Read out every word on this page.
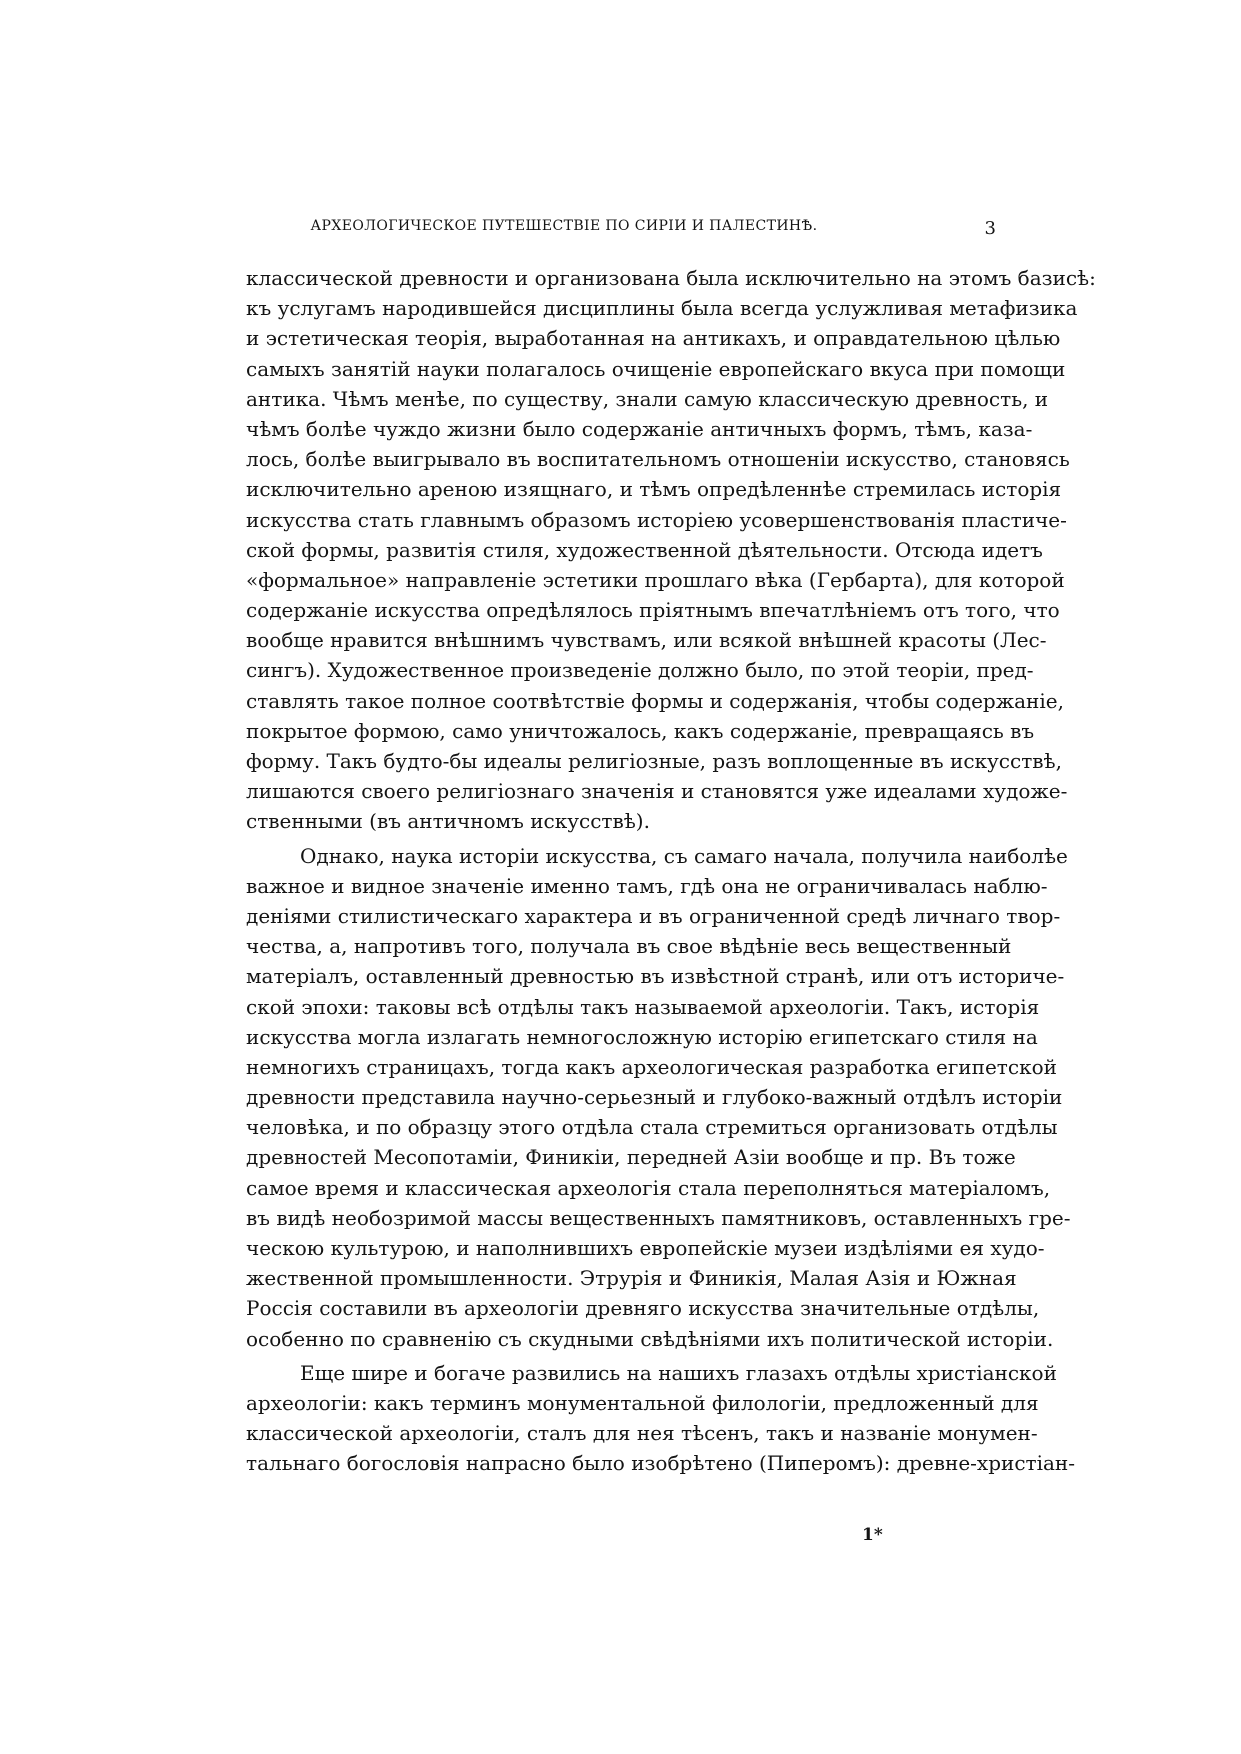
АРХЕОЛОГИЧЕСКОЕ ПУТЕШЕСТВIЕ ПО СИРIИ И ПАЛЕСТИНѢ.	3
классической древности и организована была исключительно на этомъ базисѣ:
къ услугамъ народившейся дисциплины была всегда услужливая метафизика
и эстетическая теорія, выработанная на антикахъ, и оправдательною цѣлью
самыхъ занятій науки полагалось очищеніе европейскаго вкуса при помощи
антика. Чѣмъ менѣе, по существу, знали самую классическую древность, и
чѣмъ болѣе чуждо жизни было содержаніе античныхъ формъ, тѣмъ, каза-
лось, болѣе выигрывало въ воспитательномъ отношеніи искусство, становясь
исключительно ареною изящнаго, и тѣмъ опредѣленнѣе стремилась исторія
искусства стать главнымъ образомъ исторіею усовершенствованія пластиче-
ской формы, развитія стиля, художественной дѣятельности. Отсюда идетъ
«формальное» направленіе эстетики прошлаго вѣка (Гербарта), для которой
содержаніе искусства опредѣлялось пріятнымъ впечатлѣніемъ отъ того, что
вообще нравится внѣшнимъ чувствамъ, или всякой внѣшней красоты (Лес-
сингъ). Художественное произведеніе должно было, по этой теоріи, пред-
ставлять такое полное соотвѣтствіе формы и содержанія, чтобы содержаніе,
покрытое формою, само уничтожалось, какъ содержаніе, превращаясь въ
форму. Такъ будто-бы идеалы религіозные, разъ воплощенные въ искусствѣ,
лишаются своего религіознаго значенія и становятся уже идеалами художе-
ственными (въ античномъ искусствѣ).
Однако, наука исторіи искусства, съ самаго начала, получила наиболѣе
важное и видное значеніе именно тамъ, гдѣ она не ограничивалась наблю-
деніями стилистическаго характера и въ ограниченной средѣ личнаго твор-
чества, а, напротивъ того, получала въ свое вѣдѣніе весь вещественный
матеріалъ, оставленный древностью въ извѣстной странѣ, или отъ историче-
ской эпохи: таковы всѣ отдѣлы такъ называемой археологіи. Такъ, исторія
искусства могла излагать немногосложную исторію египетскаго стиля на
немногихъ страницахъ, тогда какъ археологическая разработка египетской
древности представила научно-серьезный и глубоко-важный отдѣлъ исторіи
человѣка, и по образцу этого отдѣла стала стремиться организовать отдѣлы
древностей Месопотаміи, Финикіи, передней Азіи вообще и пр. Въ тоже
самое время и классическая археологія стала переполняться матеріаломъ,
въ видѣ необозримой массы вещественныхъ памятниковъ, оставленныхъ гре-
ческою культурою, и наполнившихъ европейскіе музеи издѣліями ея худо-
жественной промышленности. Этрурія и Финикія, Малая Азія и Южная
Россія составили въ археологіи древняго искусства значительные отдѣлы,
особенно по сравненію съ скудными свѣдѣніями ихъ политической исторіи.
Еще шире и богаче развились на нашихъ глазахъ отдѣлы христіанской
археологіи: какъ терминъ монументальной филологіи, предложенный для
классической археологіи, сталъ для нея тѣсенъ, такъ и названіе монумен-
тальнаго богословія напрасно было изобрѣтено (Пиперомъ): древне-христіан-
1*
